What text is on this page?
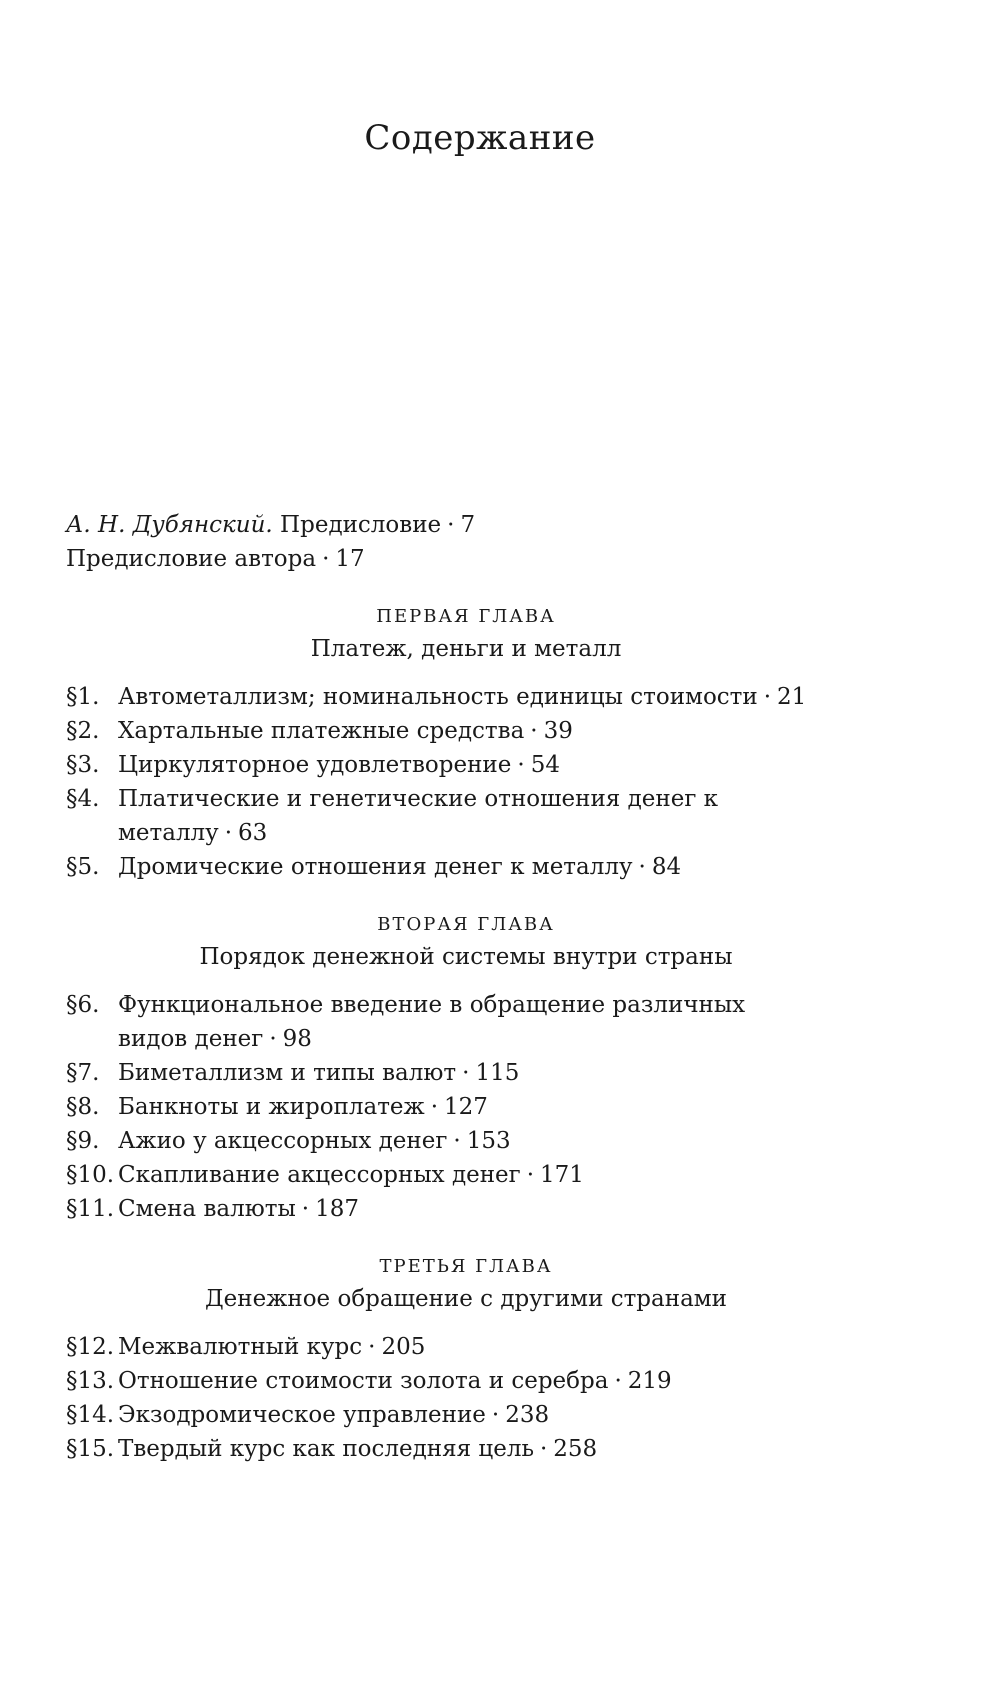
Содержание
А. Н. Дубянский. Предисловие · 7
Предисловие автора · 17
ПЕРВАЯ ГЛАВА
Платеж, деньги и металл
§1. Автометаллизм; номинальность единицы стоимости · 21
§2. Хартальные платежные средства · 39
§3. Циркуляторное удовлетворение · 54
§4. Платические и генетические отношения денег к металлу · 63
§5. Дромические отношения денег к металлу · 84
ВТОРАЯ ГЛАВА
Порядок денежной системы внутри страны
§6. Функциональное введение в обращение различных видов денег · 98
§7. Биметаллизм и типы валют · 115
§8. Банкноты и жироплатеж · 127
§9. Ажио у акцессорных денег · 153
§10. Скапливание акцессорных денег · 171
§11. Смена валюты · 187
ТРЕТЬЯ ГЛАВА
Денежное обращение с другими странами
§12. Межвалютный курс · 205
§13. Отношение стоимости золота и серебра · 219
§14. Экзодромическое управление · 238
§15. Твердый курс как последняя цель · 258
